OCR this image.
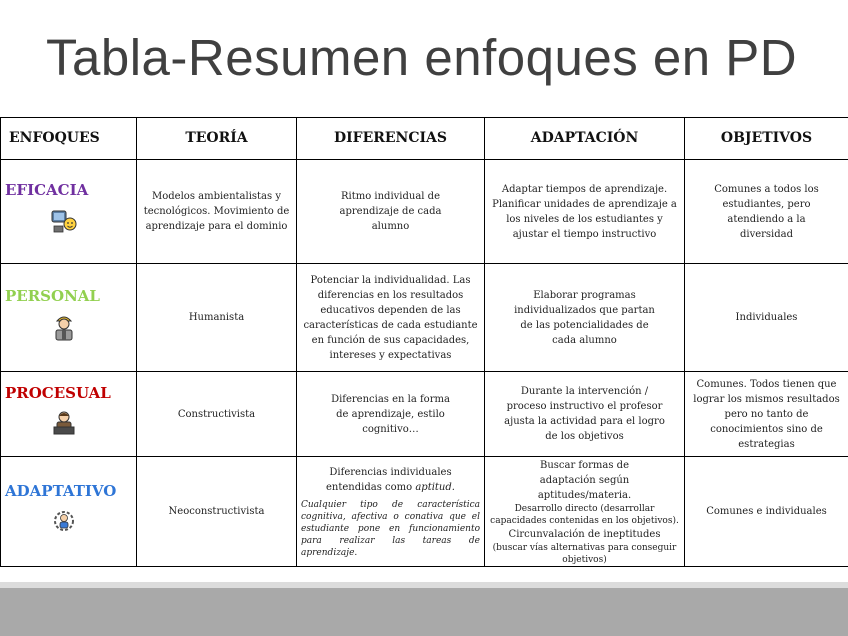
Tabla-Resumen enfoques en PD
ENFOQUES	TEORÍA	DIFERENCIAS	ADAPTACIÓN	OBJETIVOS

EFICACIA	Modelos ambientalistas y tecnológicos. Movimiento de aprendizaje para el dominio	Ritmo individual de aprendizaje de cada alumno	Adaptar tiempos de aprendizaje. Planificar unidades de aprendizaje a los niveles de los estudiantes y ajustar el tiempo instructivo	Comunes a todos los estudiantes, pero atendiendo a la diversidad

PERSONAL	Humanista	Potenciar la individualidad. Las diferencias en los resultados educativos dependen de las características de cada estudiante en función de sus capacidades, intereses y expectativas	Elaborar programas individualizados que partan de las potencialidades de cada alumno	Individuales

PROCESUAL	Constructivista	Diferencias en la forma de aprendizaje, estilo cognitivo…	Durante la intervención / proceso instructivo el profesor ajusta la actividad para el logro de los objetivos	Comunes. Todos tienen que lograr los mismos resultados pero no tanto de conocimientos sino de estrategias

ADAPTATIVO	Neoconstructivista	Diferencias individuales entendidas como aptitud.
Cualquier tipo de característica cognitiva, afectiva o conativa que el estudiante pone en funcionamiento para realizar las tareas de aprendizaje.	Buscar formas de adaptación según aptitudes/materia.
Desarrollo directo (desarrollar capacidades contenidas en los objetivos).
Circunvalación de ineptitudes
(buscar vías alternativas para conseguir objetivos)	Comunes e individuales
